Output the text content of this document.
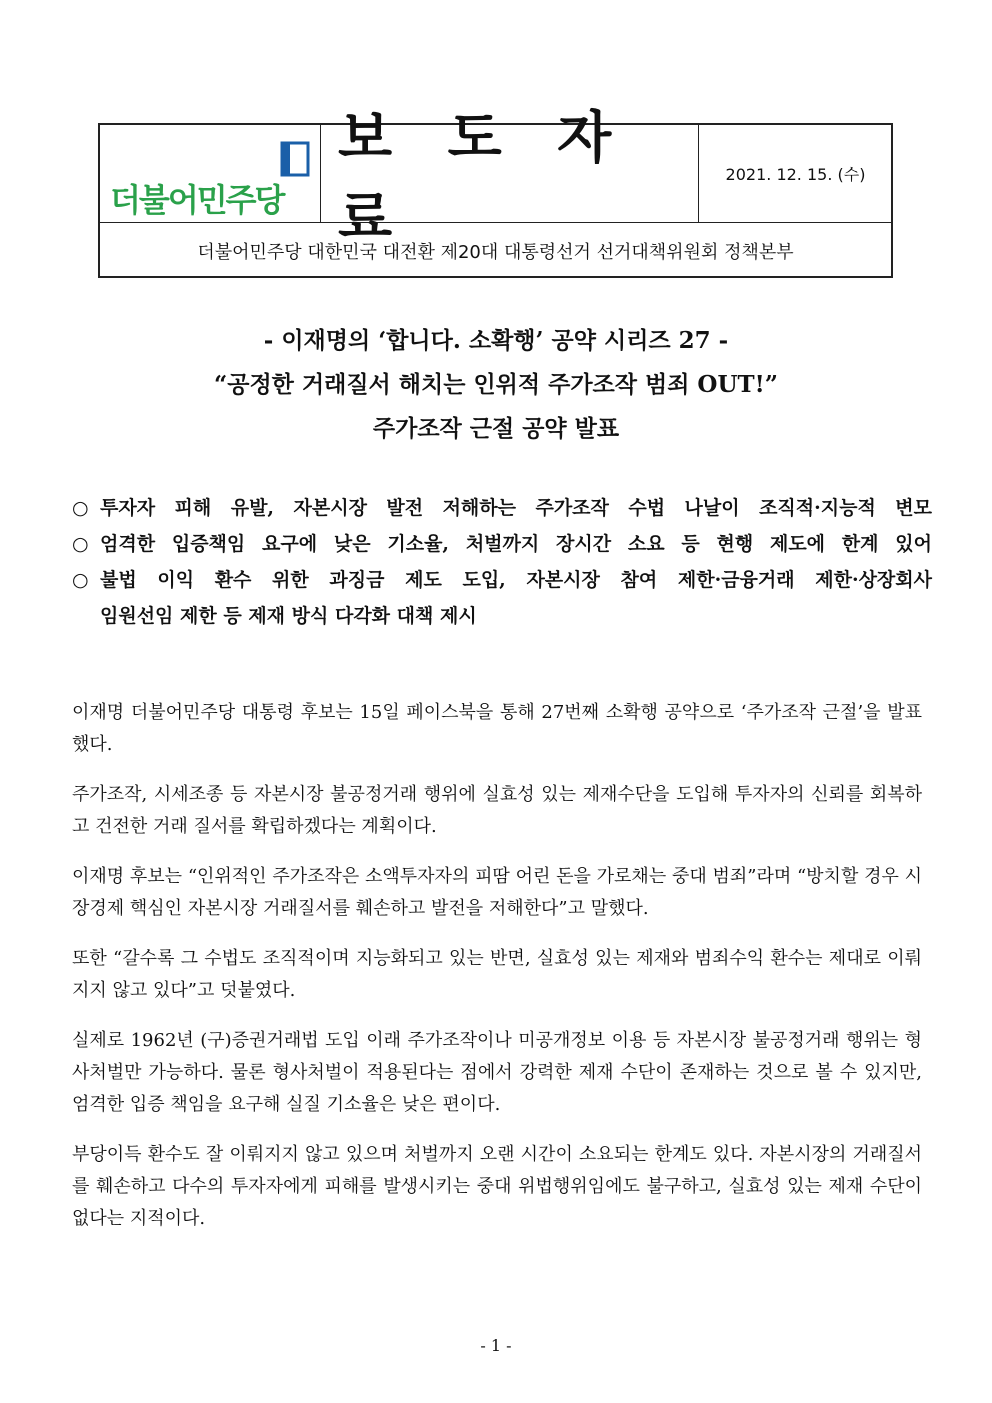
더불어민주당
보 도 자 료
2021. 12. 15. (수)
더불어민주당 대한민국 대전환 제20대 대통령선거 선거대책위원회 정책본부
- 이재명의 ‘합니다. 소확행’ 공약 시리즈 27 -
“공정한 거래질서 해치는 인위적 주가조작 범죄 OUT!”
주가조작 근절 공약 발표
○ 투자자 피해 유발, 자본시장 발전 저해하는 주가조작 수법 나날이 조직적·지능적 변모
○ 엄격한 입증책임 요구에 낮은 기소율, 처벌까지 장시간 소요 등 현행 제도에 한계 있어
○ 불법 이익 환수 위한 과징금 제도 도입, 자본시장 참여 제한·금융거래 제한·상장회사
임원선임 제한 등 제재 방식 다각화 대책 제시

이재명 더불어민주당 대통령 후보는 15일 페이스북을 통해 27번째 소확행 공약으로 ‘주가조작 근절’을 발표했다.

주가조작, 시세조종 등 자본시장 불공정거래 행위에 실효성 있는 제재수단을 도입해 투자자의 신뢰를 회복하고 건전한 거래 질서를 확립하겠다는 계획이다.

이재명 후보는 “인위적인 주가조작은 소액투자자의 피땀 어린 돈을 가로채는 중대 범죄”라며 “방치할 경우 시장경제 핵심인 자본시장 거래질서를 훼손하고 발전을 저해한다”고 말했다.

또한 “갈수록 그 수법도 조직적이며 지능화되고 있는 반면, 실효성 있는 제재와 범죄수익 환수는 제대로 이뤄지지 않고 있다”고 덧붙였다.

실제로 1962년 (구)증권거래법 도입 이래 주가조작이나 미공개정보 이용 등 자본시장 불공정거래 행위는 형사처벌만 가능하다. 물론 형사처벌이 적용된다는 점에서 강력한 제재 수단이 존재하는 것으로 볼 수 있지만, 엄격한 입증 책임을 요구해 실질 기소율은 낮은 편이다.

부당이득 환수도 잘 이뤄지지 않고 있으며 처벌까지 오랜 시간이 소요되는 한계도 있다. 자본시장의 거래질서를 훼손하고 다수의 투자자에게 피해를 발생시키는 중대 위법행위임에도 불구하고, 실효성 있는 제재 수단이 없다는 지적이다.

- 1 -
